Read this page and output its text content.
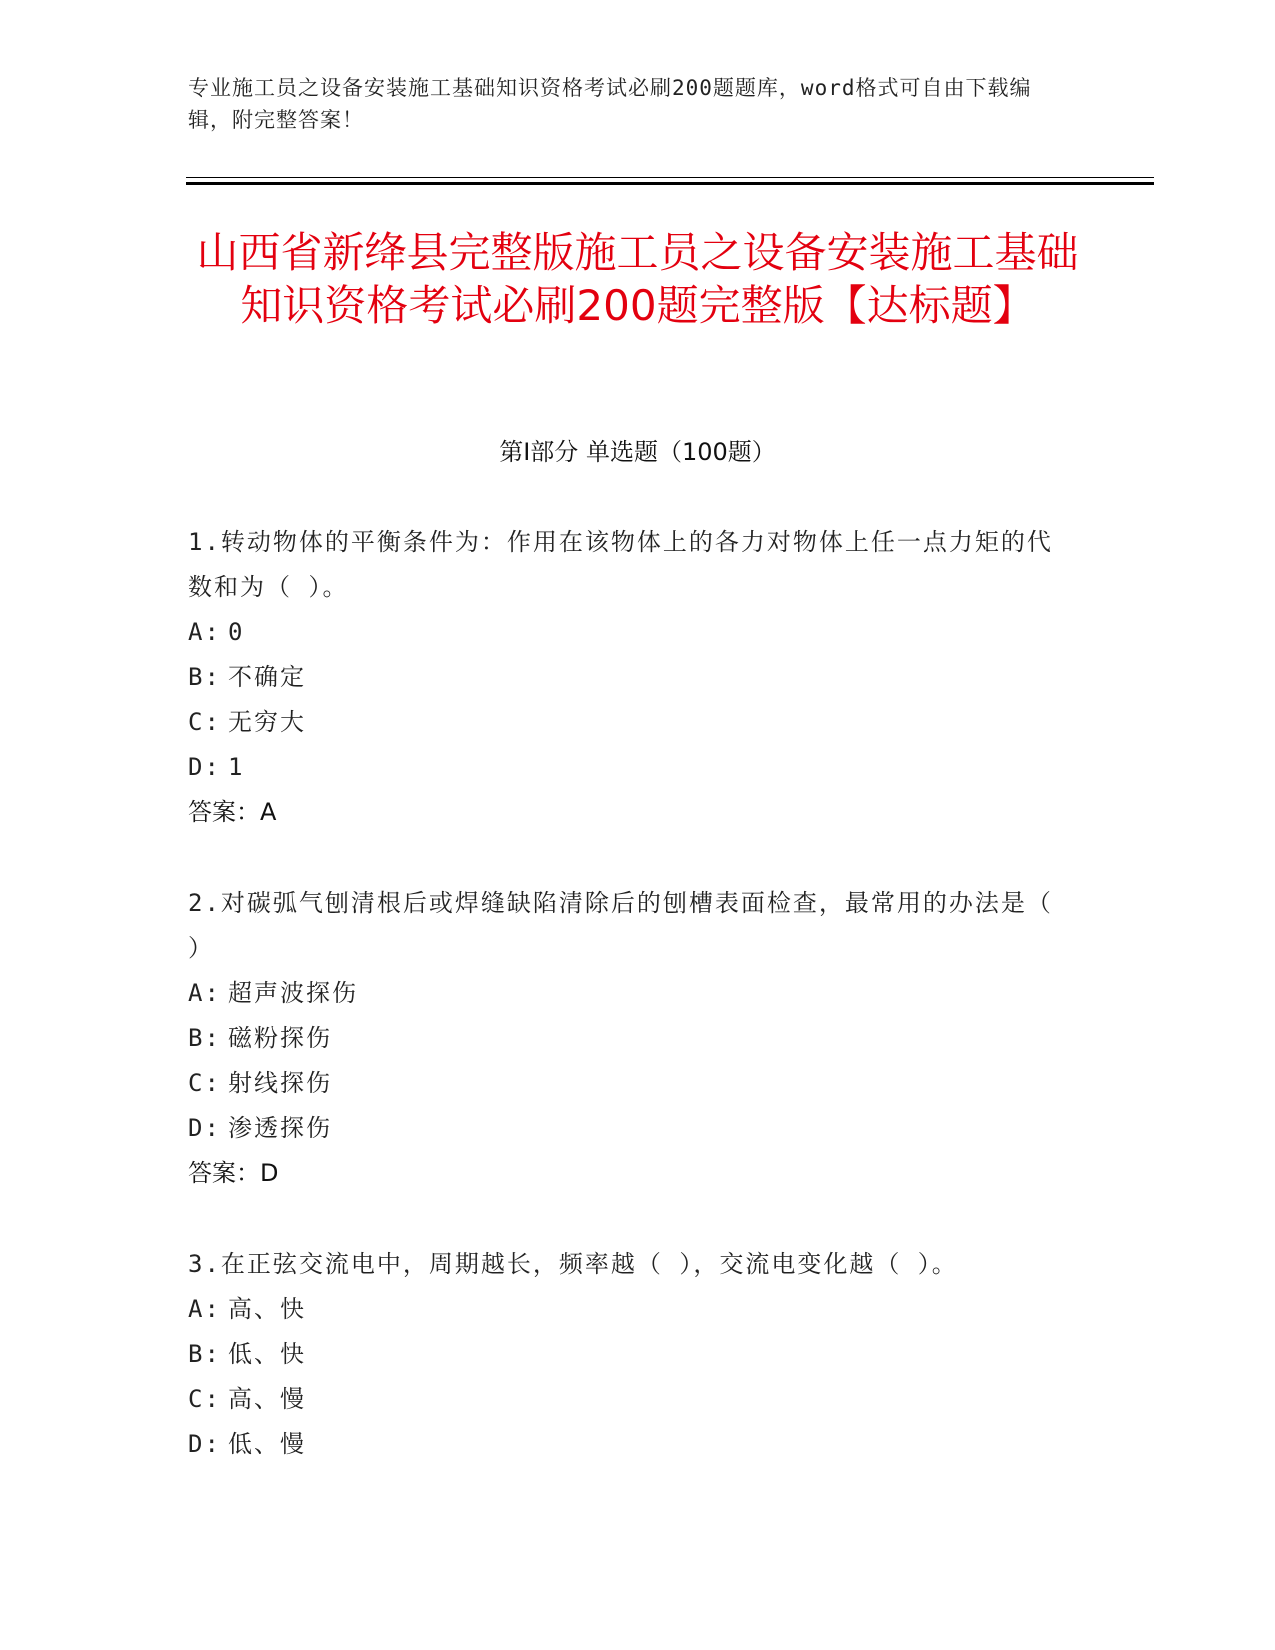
专业施工员之设备安装施工基础知识资格考试必刷200题题库，word格式可自由下载编辑，附完整答案！
山西省新绛县完整版施工员之设备安装施工基础知识资格考试必刷200题完整版【达标题】
第I部分 单选题（100题）

1.转动物体的平衡条件为：作用在该物体上的各力对物体上任一点力矩的代数和为（ ）。

A: 0

B: 不确定

C: 无穷大

D: 1

答案：A

2.对碳弧气刨清根后或焊缝缺陷清除后的刨槽表面检查，最常用的办法是（ ）

A: 超声波探伤

B: 磁粉探伤

C: 射线探伤

D: 渗透探伤

答案：D

3.在正弦交流电中，周期越长，频率越（ ），交流电变化越（ ）。

A: 高、快

B: 低、快

C: 高、慢

D: 低、慢
